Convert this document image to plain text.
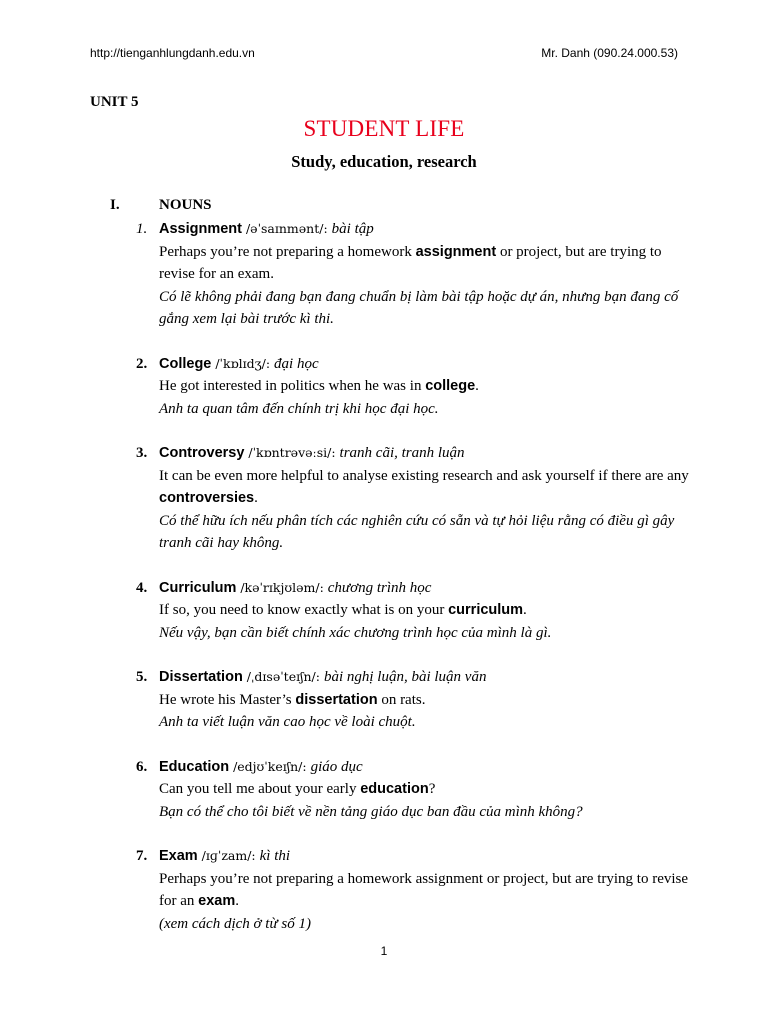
http://tienganhlungdanh.edu.vn	Mr. Danh (090.24.000.53)
UNIT 5
STUDENT LIFE
Study, education, research
I.	NOUNS
1. Assignment /əˈsaɪnmənt/: bài tập
Perhaps you’re not preparing a homework assignment or project, but are trying to revise for an exam.
Có lẽ không phải đang bạn đang chuẩn bị làm bài tập hoặc dự án, nhưng bạn đang cố gắng xem lại bài trước kì thi.
2. College /ˈkɒlɪdʒ/: đại học
He got interested in politics when he was in college.
Anh ta quan tâm đến chính trị khi học đại học.
3. Controversy /ˈkɒntrəvəːsi/: tranh cãi, tranh luận
It can be even more helpful to analyse existing research and ask yourself if there are any controversies.
Có thể hữu ích nếu phân tích các nghiên cứu có sẵn và tự hỏi liệu rằng có điều gì gây tranh cãi hay không.
4. Curriculum /kəˈrɪkjʊləm/: chương trình học
If so, you need to know exactly what is on your curriculum.
Nếu vậy, bạn cần biết chính xác chương trình học của mình là gì.
5. Dissertation /ˌdɪsəˈteɪʃn/: bài nghị luận, bài luận văn
He wrote his Master’s dissertation on rats.
Anh ta viết luận văn cao học về loài chuột.
6. Education /edjʊˈkeɪʃn/: giáo dục
Can you tell me about your early education?
Bạn có thể cho tôi biết về nền tảng giáo dục ban đầu của mình không?
7. Exam /ɪɡˈzam/: kì thi
Perhaps you’re not preparing a homework assignment or project, but are trying to revise for an exam.
(xem cách dịch ở từ số 1)
1
